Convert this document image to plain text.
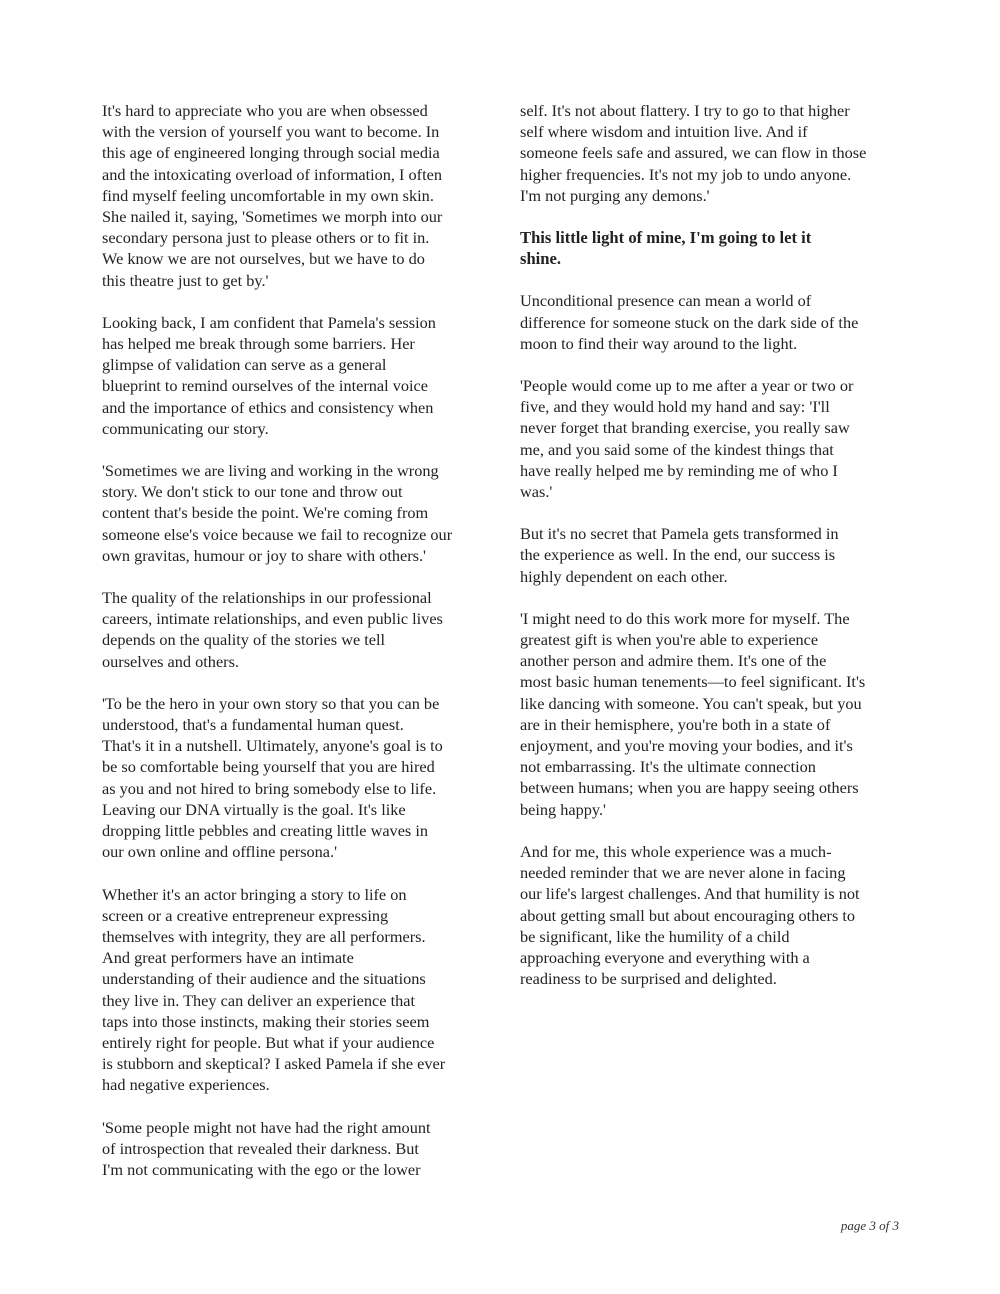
It's hard to appreciate who you are when obsessed
with the version of yourself you want to become. In
this age of engineered longing through social media
and the intoxicating overload of information, I often
find myself feeling uncomfortable in my own skin.
She nailed it, saying, 'Sometimes we morph into our
secondary persona just to please others or to fit in.
We know we are not ourselves, but we have to do
this theatre just to get by.'

Looking back, I am confident that Pamela's session
has helped me break through some barriers. Her
glimpse of validation can serve as a general
blueprint to remind ourselves of the internal voice
and the importance of ethics and consistency when
communicating our story.

'Sometimes we are living and working in the wrong
story. We don't stick to our tone and throw out
content that's beside the point. We're coming from
someone else's voice because we fail to recognize our
own gravitas, humour or joy to share with others.'

The quality of the relationships in our professional
careers, intimate relationships, and even public lives
depends on the quality of the stories we tell
ourselves and others.

'To be the hero in your own story so that you can be
understood, that's a fundamental human quest.
That's it in a nutshell. Ultimately, anyone's goal is to
be so comfortable being yourself that you are hired
as you and not hired to bring somebody else to life.
Leaving our DNA virtually is the goal. It's like
dropping little pebbles and creating little waves in
our own online and offline persona.'

Whether it's an actor bringing a story to life on
screen or a creative entrepreneur expressing
themselves with integrity, they are all performers.
And great performers have an intimate
understanding of their audience and the situations
they live in. They can deliver an experience that
taps into those instincts, making their stories seem
entirely right for people. But what if your audience
is stubborn and skeptical? I asked Pamela if she ever
had negative experiences.

'Some people might not have had the right amount
of introspection that revealed their darkness. But
I'm not communicating with the ego or the lower

self. It's not about flattery. I try to go to that higher
self where wisdom and intuition live. And if
someone feels safe and assured, we can flow in those
higher frequencies. It's not my job to undo anyone.
I'm not purging any demons.'

This little light of mine, I'm going to let it
shine.

Unconditional presence can mean a world of
difference for someone stuck on the dark side of the
moon to find their way around to the light.

'People would come up to me after a year or two or
five, and they would hold my hand and say: 'I'll
never forget that branding exercise, you really saw
me, and you said some of the kindest things that
have really helped me by reminding me of who I
was.'

But it's no secret that Pamela gets transformed in
the experience as well. In the end, our success is
highly dependent on each other.

'I might need to do this work more for myself. The
greatest gift is when you're able to experience
another person and admire them. It's one of the
most basic human tenements—to feel significant. It's
like dancing with someone. You can't speak, but you
are in their hemisphere, you're both in a state of
enjoyment, and you're moving your bodies, and it's
not embarrassing. It's the ultimate connection
between humans; when you are happy seeing others
being happy.'

And for me, this whole experience was a much-
needed reminder that we are never alone in facing
our life's largest challenges. And that humility is not
about getting small but about encouraging others to
be significant, like the humility of a child
approaching everyone and everything with a
readiness to be surprised and delighted.

page 3 of 3
